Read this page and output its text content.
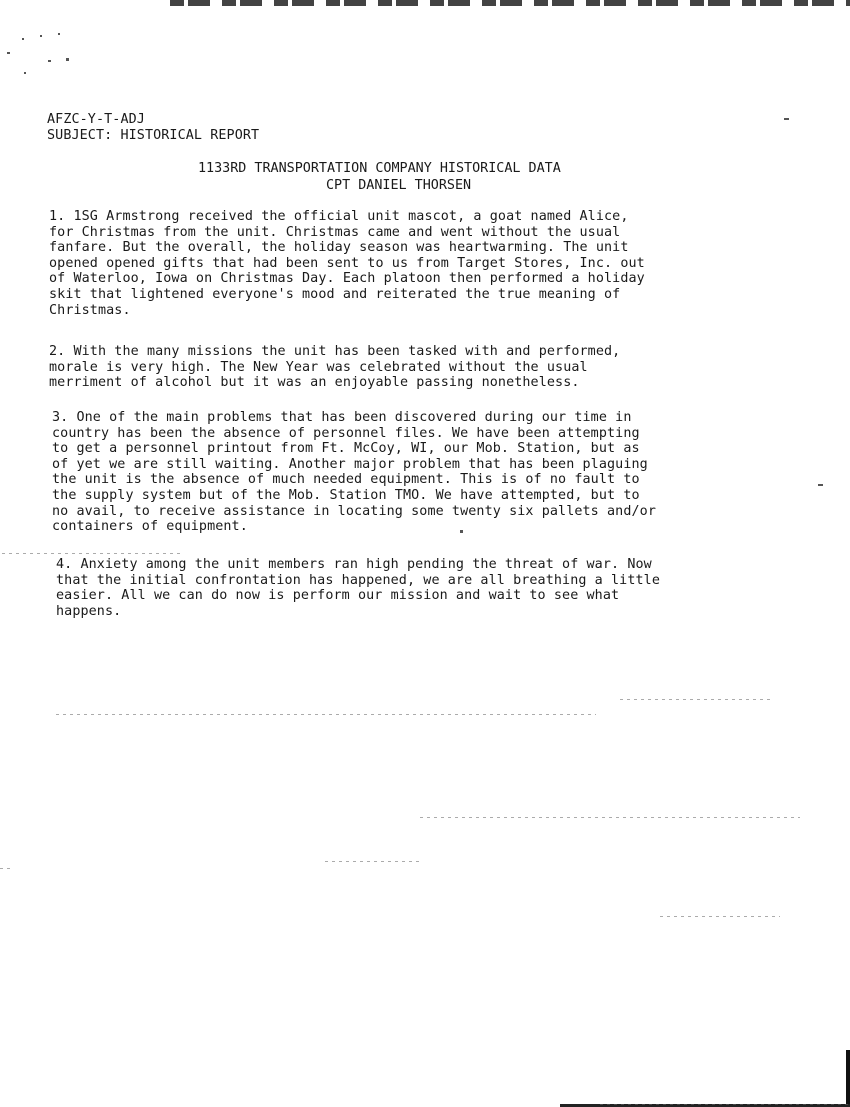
AFZC-Y-T-ADJ
SUBJECT: HISTORICAL REPORT
1133RD TRANSPORTATION COMPANY HISTORICAL DATA
CPT DANIEL THORSEN
1. 1SG Armstrong received the official unit mascot, a goat named Alice,
for Christmas from the unit. Christmas came and went without the usual
fanfare. But the overall, the holiday season was heartwarming. The unit
opened opened gifts that had been sent to us from Target Stores, Inc. out
of Waterloo, Iowa on Christmas Day. Each platoon then performed a holiday
skit that lightened everyone's mood and reiterated the true meaning of
Christmas.
2. With the many missions the unit has been tasked with and performed,
morale is very high. The New Year was celebrated without the usual
merriment of alcohol but it was an enjoyable passing nonetheless.
3. One of the main problems that has been discovered during our time in
country has been the absence of personnel files. We have been attempting
to get a personnel printout from Ft. McCoy, WI, our Mob. Station, but as
of yet we are still waiting. Another major problem that has been plaguing
the unit is the absence of much needed equipment. This is of no fault to
the supply system but of the Mob. Station TMO. We have attempted, but to
no avail, to receive assistance in locating some twenty six pallets and/or
containers of equipment.
4. Anxiety among the unit members ran high pending the threat of war. Now
that the initial confrontation has happened, we are all breathing a little
easier. All we can do now is perform our mission and wait to see what
happens.
